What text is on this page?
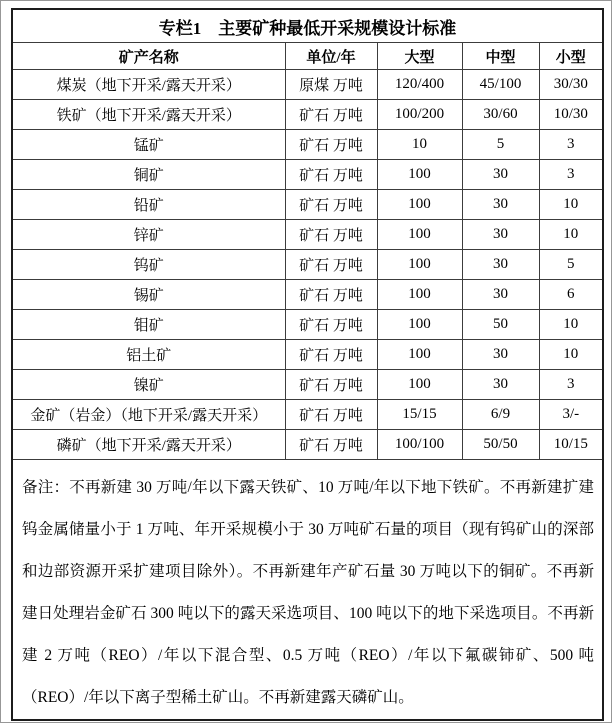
专栏1　主要矿种最低开采规模设计标准				
矿产名称	单位/年	大型	中型	小型
煤炭（地下开采/露天开采）	原煤 万吨	120/400	45/100	30/30
铁矿（地下开采/露天开采）	矿石 万吨	100/200	30/60	10/30
锰矿	矿石 万吨	10	5	3
铜矿	矿石 万吨	100	30	3
铅矿	矿石 万吨	100	30	10
锌矿	矿石 万吨	100	30	10
钨矿	矿石 万吨	100	30	5
锡矿	矿石 万吨	100	30	6
钼矿	矿石 万吨	100	50	10
铝土矿	矿石 万吨	100	30	10
镍矿	矿石 万吨	100	30	3
金矿（岩金）（地下开采/露天开采）	矿石 万吨	15/15	6/9	3/-
磷矿（地下开采/露天开采）	矿石 万吨	100/100	50/50	10/15

备注：不再新建 30 万吨/年以下露天铁矿、10 万吨/年以下地下铁矿。不再新建扩建钨金属储量小于 1 万吨、年开采规模小于 30 万吨矿石量的项目（现有钨矿山的深部和边部资源开采扩建项目除外）。不再新建年产矿石量 30 万吨以下的铜矿。不再新建日处理岩金矿石 300 吨以下的露天采选项目、100 吨以下的地下采选项目。不再新建 2 万吨（REO）/年以下混合型、0.5 万吨（REO）/年以下氟碳铈矿、500 吨（REO）/年以下离子型稀土矿山。不再新建露天磷矿山。				
